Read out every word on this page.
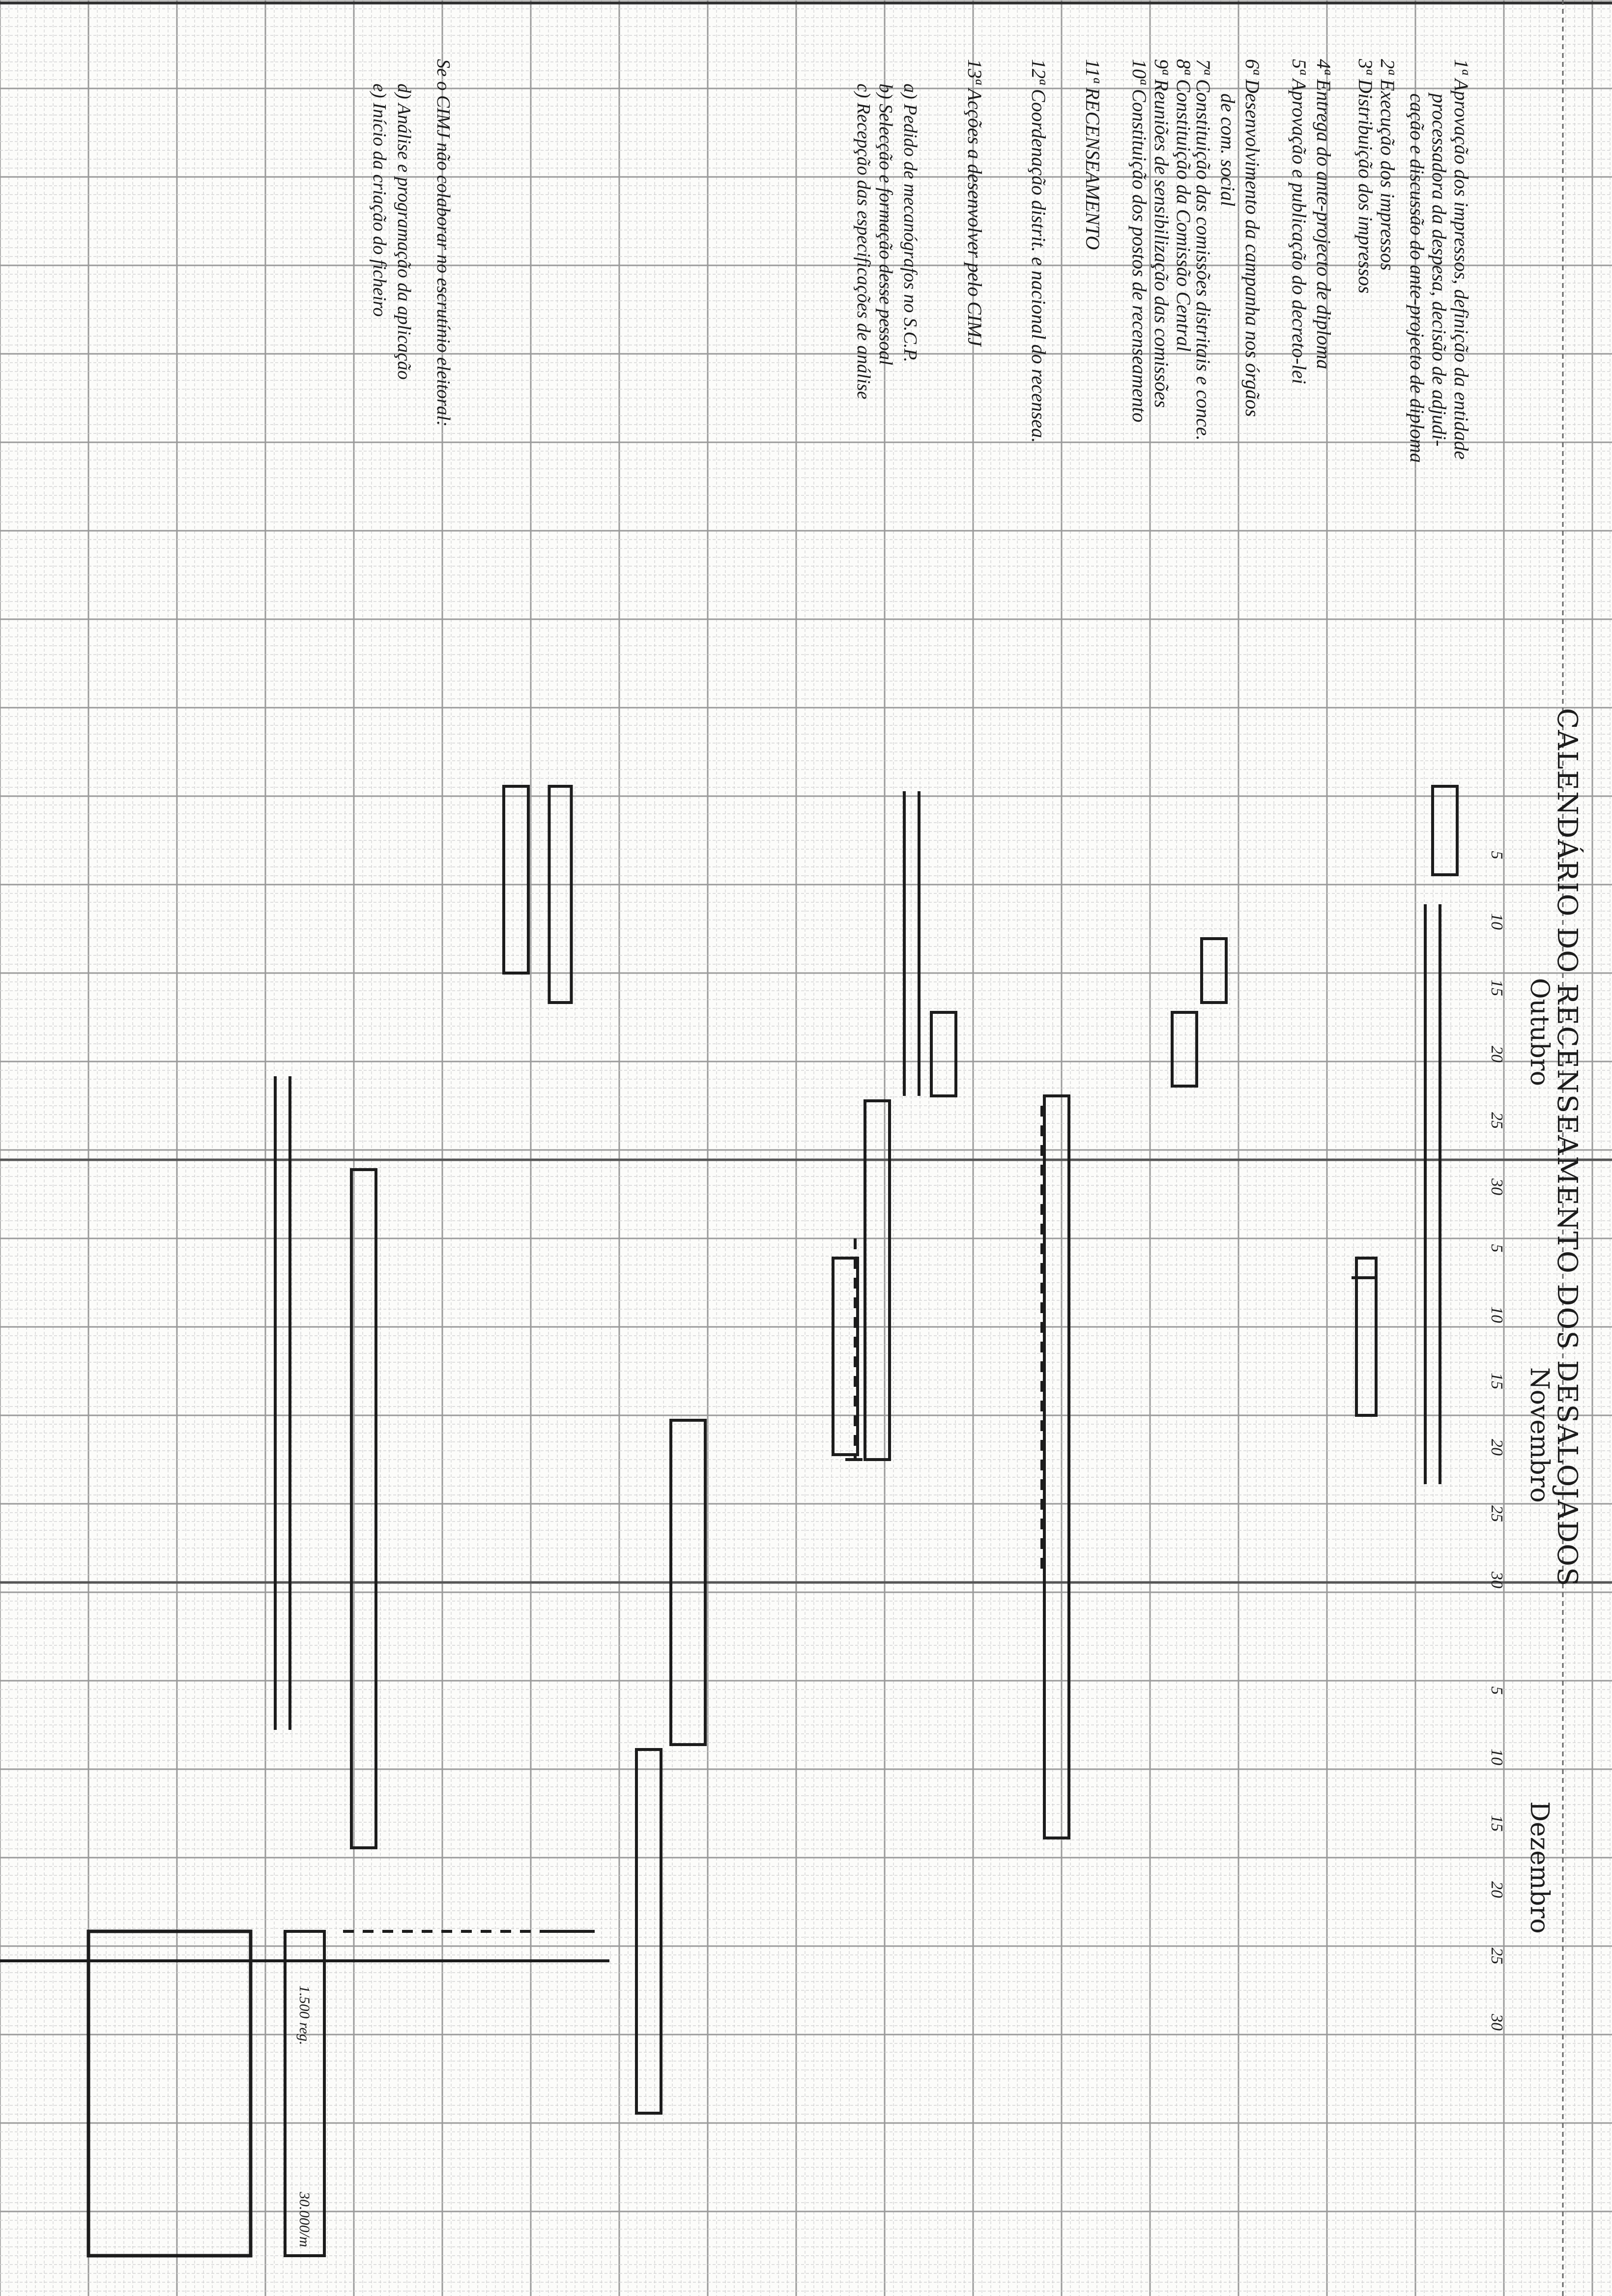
CALENDÁRIO DO RECENSEAMENTO DOS DESALOJADOS
Outubro
Novembro
Dezembro
5
10
15
20
25
30
5
10
15
20
25
30
5
10
15
20
25
30
1ª Aprovação dos impressos, definição da entidade
processadora da despesa, decisão de adjudi-
cação e discussão do ante-projecto de diploma
2ª Execução dos impressos
3ª Distribuição dos impressos
4ª Entrega do ante-projecto de diploma
5ª Aprovação e publicação do decreto-lei
6ª Desenvolvimento da campanha nos órgãos
de com. social
7ª Constituição das comissões distritais e conce.
8ª Constituição da Comissão Central
9ª Reuniões de sensibilização das comissões
10ª Constituição dos postos de recenseamento
11ª RECENSEAMENTO
12ª Coordenação distrit. e nacional do recensea.
13ª Acções a desenvolver pelo CIMJ
a) Pedido de mecanógrafos no S.C.P.
b) Selecção e formação desse pessoal
c) Recepção das especificações de análise
Se o CIMJ não colaborar no escrutínio eleitoral:
d) Análise e programação da aplicação
e) Início da criação do ficheiro
1.500 reg.
30.000/m
